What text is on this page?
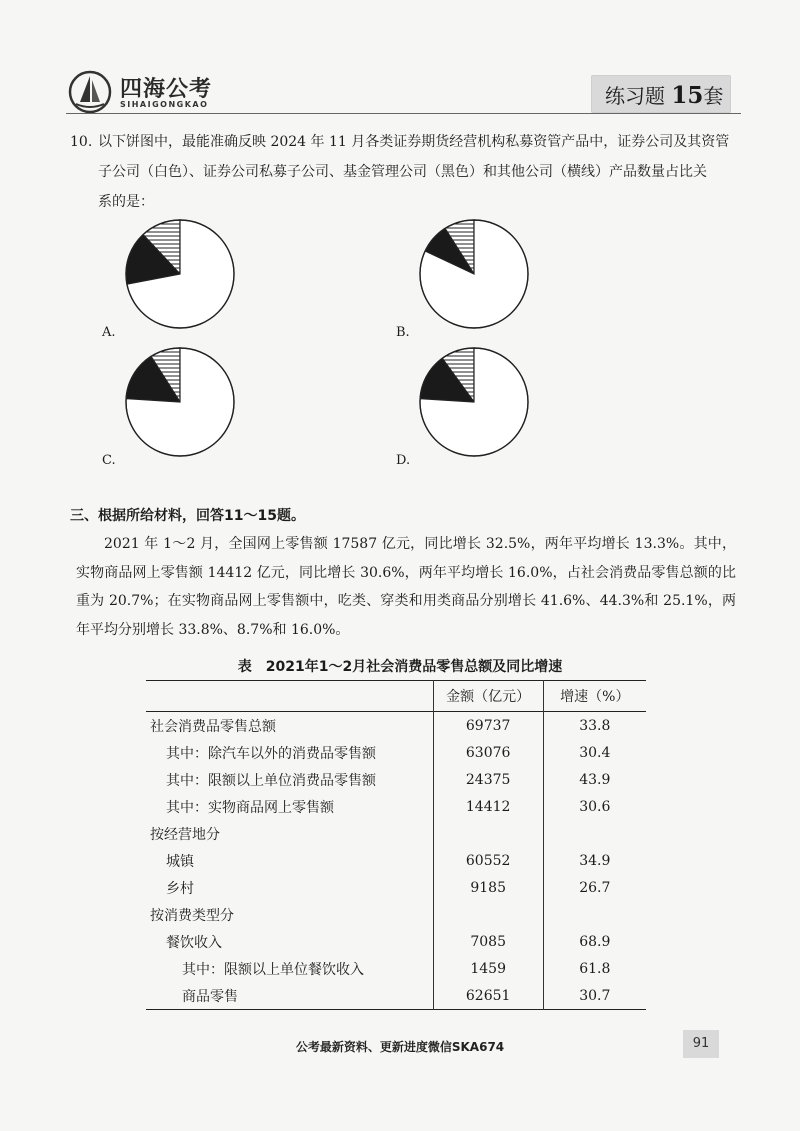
四海公考
SIHAIGONGKAO	练习题 15套

10. 以下饼图中，最能准确反映 2024 年 11 月各类证券期货经营机构私募资管产品中，证券公司及其资管

子公司（白色）、证券公司私募子公司、基金管理公司（黑色）和其他公司（横线）产品数量占比关

系的是：

A.	B.
C.	D.
三、根据所给材料，回答11～15题。

2021 年 1～2 月，全国网上零售额 17587 亿元，同比增长 32.5%，两年平均增长 13.3%。其中，实物商品网上零售额 14412 亿元，同比增长 30.6%，两年平均增长 16.0%，占社会消费品零售总额的比重为 20.7%；在实物商品网上零售额中，吃类、穿类和用类商品分别增长 41.6%、44.3%和 25.1%，两年平均分别增长 33.8%、8.7%和 16.0%。

表　2021年1～2月社会消费品零售总额及同比增速
	金额（亿元）	增速（%）
社会消费品零售总额	69737	33.8
其中：除汽车以外的消费品零售额	63076	30.4
其中：限额以上单位消费品零售额	24375	43.9
其中：实物商品网上零售额	14412	30.6
按经营地分		
城镇	60552	34.9
乡村	9185	26.7
按消费类型分		
餐饮收入	7085	68.9
其中：限额以上单位餐饮收入	1459	61.8
商品零售	62651	30.7
公考最新资料、更新进度微信SKA674	91
